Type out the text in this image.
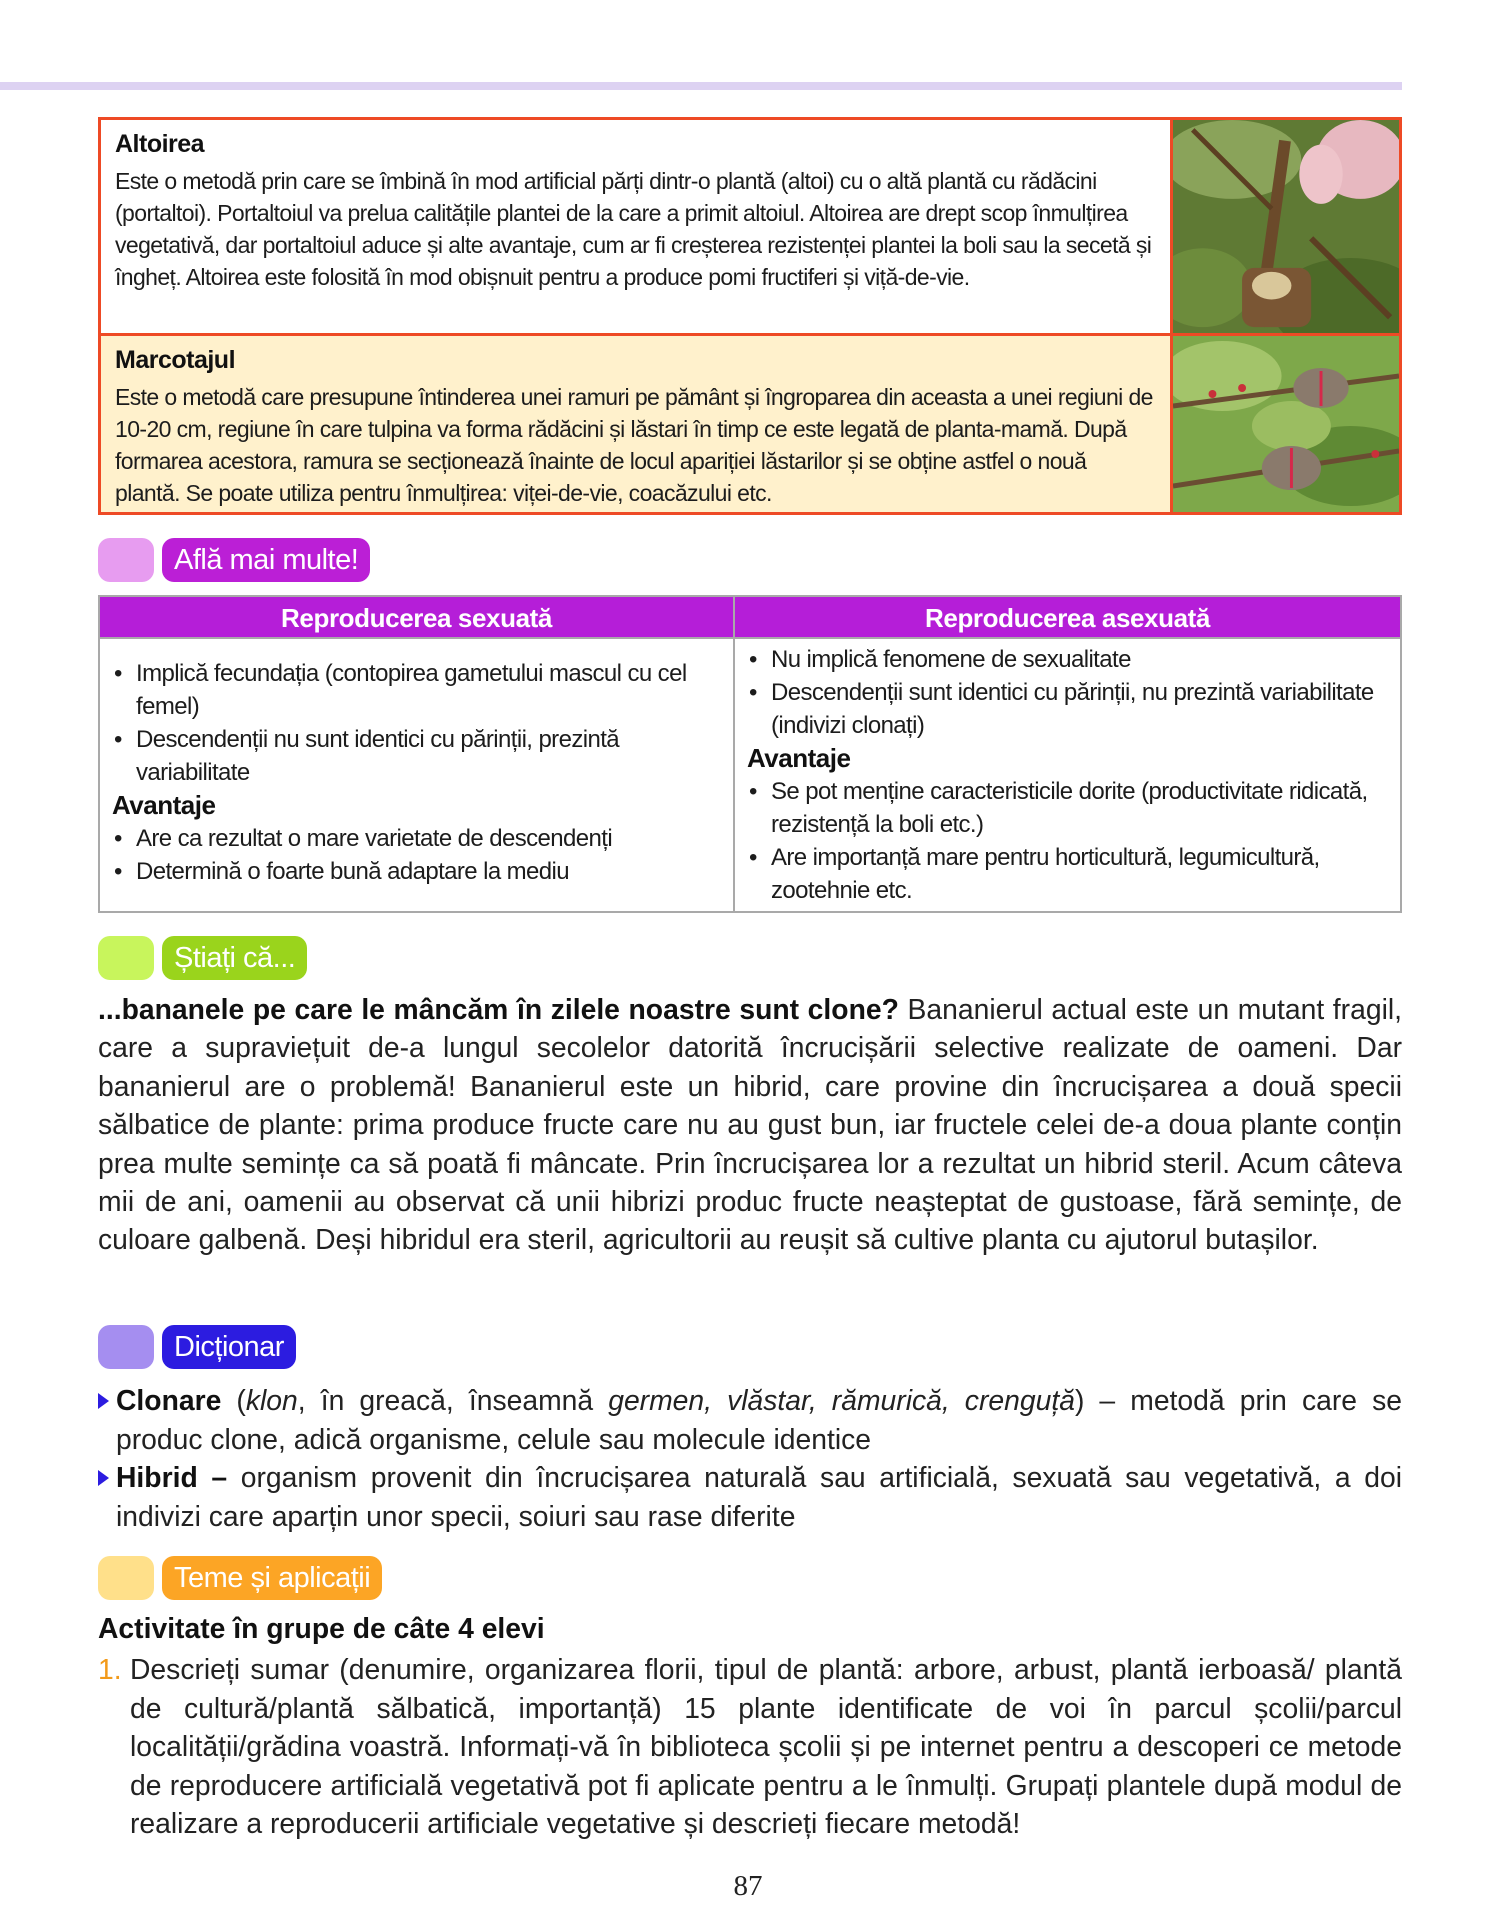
Altoirea

Este o metodă prin care se îmbină în mod artificial părți dintr-o plantă (altoi) cu o altă plantă cu rădăcini (portaltoi). Portaltoiul va prelua calitățile plantei de la care a primit altoiul. Altoirea are drept scop înmulțirea vegetativă, dar portaltoiul aduce și alte avantaje, cum ar fi creșterea rezistenței plantei la boli sau la secetă și îngheț. Altoirea este folosită în mod obișnuit pentru a produce pomi fructiferi și viță-de-vie.

Marcotajul

Este o metodă care presupune întinderea unei ramuri pe pământ și îngroparea din aceasta a unei regiuni de 10-20 cm, regiune în care tulpina va forma rădăcini și lăstari în timp ce este legată de planta-mamă. După formarea acestora, ramura se secționează înainte de locul apariției lăstarilor și se obține astfel o nouă plantă. Se poate utiliza pentru înmulțirea: viței-de-vie, coacăzului etc.

Află mai multe!
Reproducerea sexuată
• Implică fecundația (contopirea gametului mascul cu cel femel)
• Descendenții nu sunt identici cu părinții, prezintă variabilitate
Avantaje
• Are ca rezultat o mare varietate de descendenți
• Determină o foarte bună adaptare la mediu
Reproducerea asexuată
• Nu implică fenomene de sexualitate
• Descendenții sunt identici cu părinții, nu prezintă variabilitate (indivizi clonați)
Avantaje
• Se pot menține caracteristicile dorite (productivitate ridicată, rezistență la boli etc.)
• Are importanță mare pentru horticultură, legumicultură, zootehnie etc.
Știați că...

...bananele pe care le mâncăm în zilele noastre sunt clone? Bananierul actual este un mutant fragil, care a supraviețuit de-a lungul secolelor datorită încrucișării selective realizate de oameni. Dar bananierul are o problemă! Bananierul este un hibrid, care provine din încrucișarea a două specii sălbatice de plante: prima produce fructe care nu au gust bun, iar fructele celei de-a doua plante conțin prea multe semințe ca să poată fi mâncate. Prin încrucișarea lor a rezultat un hibrid steril. Acum câteva mii de ani, oamenii au observat că unii hibrizi produc fructe neașteptat de gustoase, fără semințe, de culoare galbenă. Deși hibridul era steril, agricultorii au reușit să cultive planta cu ajutorul butașilor.

Dicționar

Clonare (klon, în greacă, înseamnă germen, vlăstar, rămurică, crenguță) – metodă prin care se produc clone, adică organisme, celule sau molecule identice

Hibrid – organism provenit din încrucișarea naturală sau artificială, sexuată sau vegetativă, a doi indivizi care aparțin unor specii, soiuri sau rase diferite

Teme și aplicații
Activitate în grupe de câte 4 elevi

1. Descrieți sumar (denumire, organizarea florii, tipul de plantă: arbore, arbust, plantă ierboasă/ plantă de cultură/plantă sălbatică, importanță) 15 plante identificate de voi în parcul școlii/parcul localității/grădina voastră. Informați-vă în biblioteca școlii și pe internet pentru a descoperi ce metode de reproducere artificială vegetativă pot fi aplicate pentru a le înmulți. Grupați plantele după modul de realizare a reproducerii artificiale vegetative și descrieți fiecare metodă!

87
